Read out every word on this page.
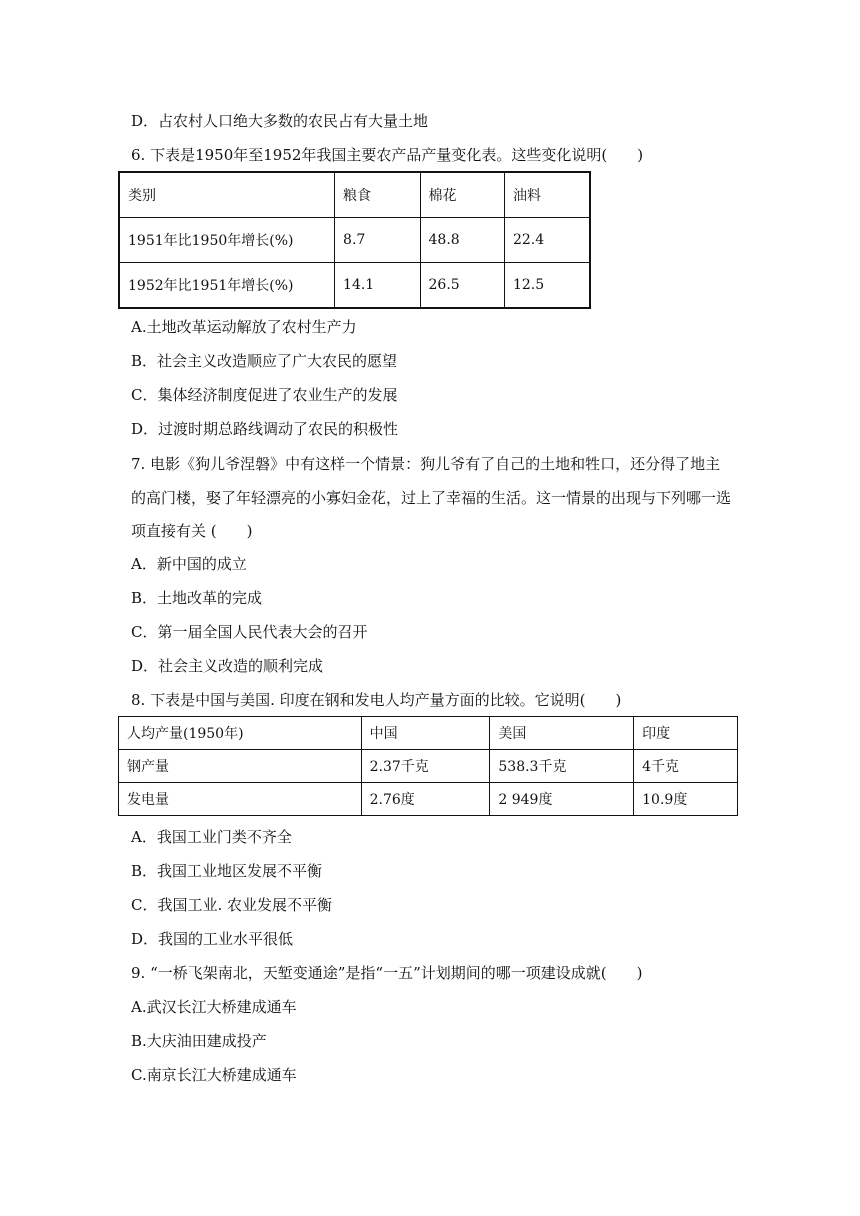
D．占农村人口绝大多数的农民占有大量土地
6. 下表是1950年至1952年我国主要农产品产量变化表。这些变化说明(　　)
类别	粮食	棉花	油料
1951年比1950年增长(%)	8.7	48.8	22.4
1952年比1951年增长(%)	14.1	26.5	12.5
A.土地改革运动解放了农村生产力
B．社会主义改造顺应了广大农民的愿望
C．集体经济制度促进了农业生产的发展
D．过渡时期总路线调动了农民的积极性
7. 电影《狗儿爷涅磐》中有这样一个情景：狗儿爷有了自己的土地和牲口，还分得了地主
的高门楼，娶了年轻漂亮的小寡妇金花，过上了幸福的生活。这一情景的出现与下列哪一选
项直接有关 (　　)
A．新中国的成立
B．土地改革的完成
C．第一届全国人民代表大会的召开
D．社会主义改造的顺利完成
8. 下表是中国与美国. 印度在钢和发电人均产量方面的比较。它说明(　　)
人均产量(1950年)	中国	美国	印度
钢产量	2.37千克	538.3千克	4千克
发电量	2.76度	2 949度	10.9度
A．我国工业门类不齐全
B．我国工业地区发展不平衡
C．我国工业. 农业发展不平衡
D．我国的工业水平很低
9. “一桥飞架南北，天堑变通途”是指“一五”计划期间的哪一项建设成就(　　)
A.武汉长江大桥建成通车
B.大庆油田建成投产
C.南京长江大桥建成通车
